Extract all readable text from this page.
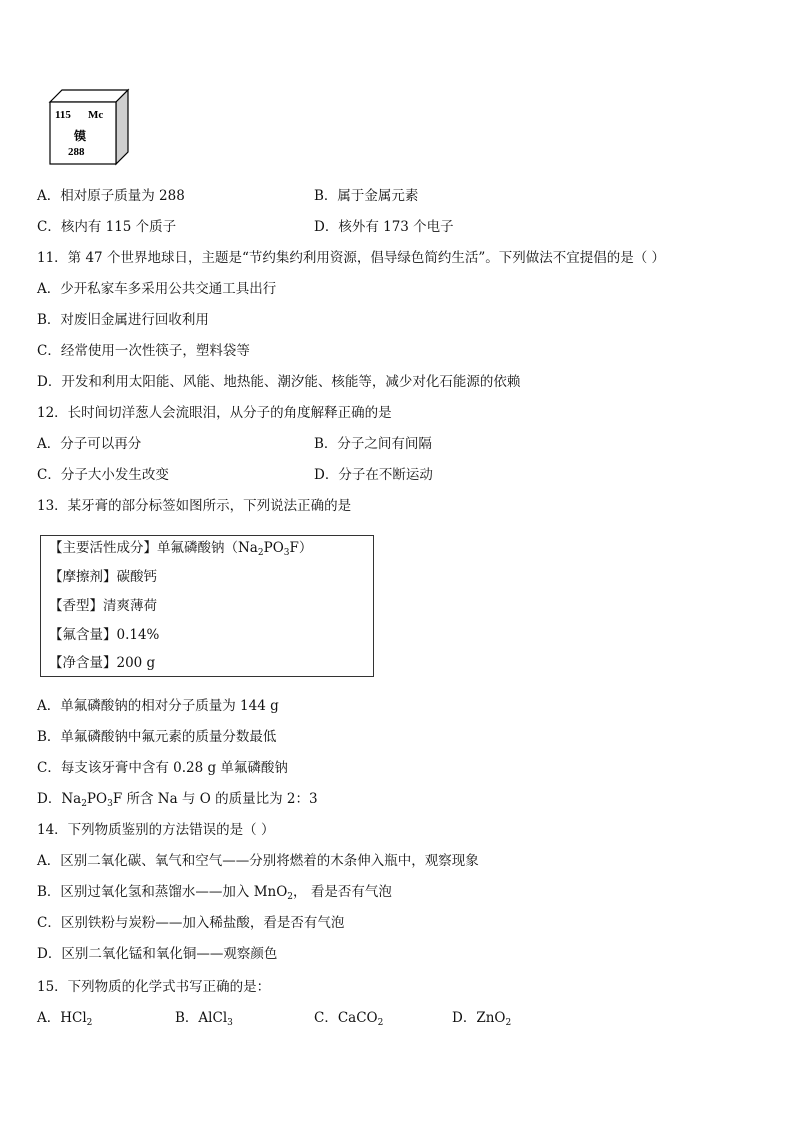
115 Mc
镆
288
A．相对原子质量为 288	B．属于金属元素
C．核内有 115 个质子	D．核外有 173 个电子
11．第 47 个世界地球日，主题是“节约集约利用资源，倡导绿色简约生活”。下列做法不宜提倡的是（ ）
A．少开私家车多采用公共交通工具出行
B．对废旧金属进行回收利用
C．经常使用一次性筷子，塑料袋等
D．开发和利用太阳能、风能、地热能、潮汐能、核能等，减少对化石能源的依赖
12．长时间切洋葱人会流眼泪，从分子的角度解释正确的是
A．分子可以再分	B．分子之间有间隔
C．分子大小发生改变	D．分子在不断运动
13．某牙膏的部分标签如图所示，下列说法正确的是
【主要活性成分】单氟磷酸钠$(Na_2PO_3F)$
【摩擦剂】碳酸钙
【香型】清爽薄荷
【氟含量】0.14%
【净含量】200 g
A．单氟磷酸钠的相对分子质量为 144 g
B．单氟磷酸钠中氟元素的质量分数最低
C．每支该牙膏中含有 0.28 g 单氟磷酸钠
D．$Na_2PO_3F$ 所含 Na 与 O 的质量比为 2：3
14．下列物质鉴别的方法错误的是（ ）
A．区别二氧化碳、氧气和空气——分别将燃着的木条伸入瓶中，观察现象
B．区别过氧化氢和蒸馏水——加入 MnO$_2$， 看是否有气泡
C．区别铁粉与炭粉——加入稀盐酸，看是否有气泡
D．区别二氧化锰和氧化铜——观察颜色
15．下列物质的化学式书写正确的是：
A．HCl$_2$	B．AlCl$_3$	C．CaCO$_2$	D．ZnO$_2$
